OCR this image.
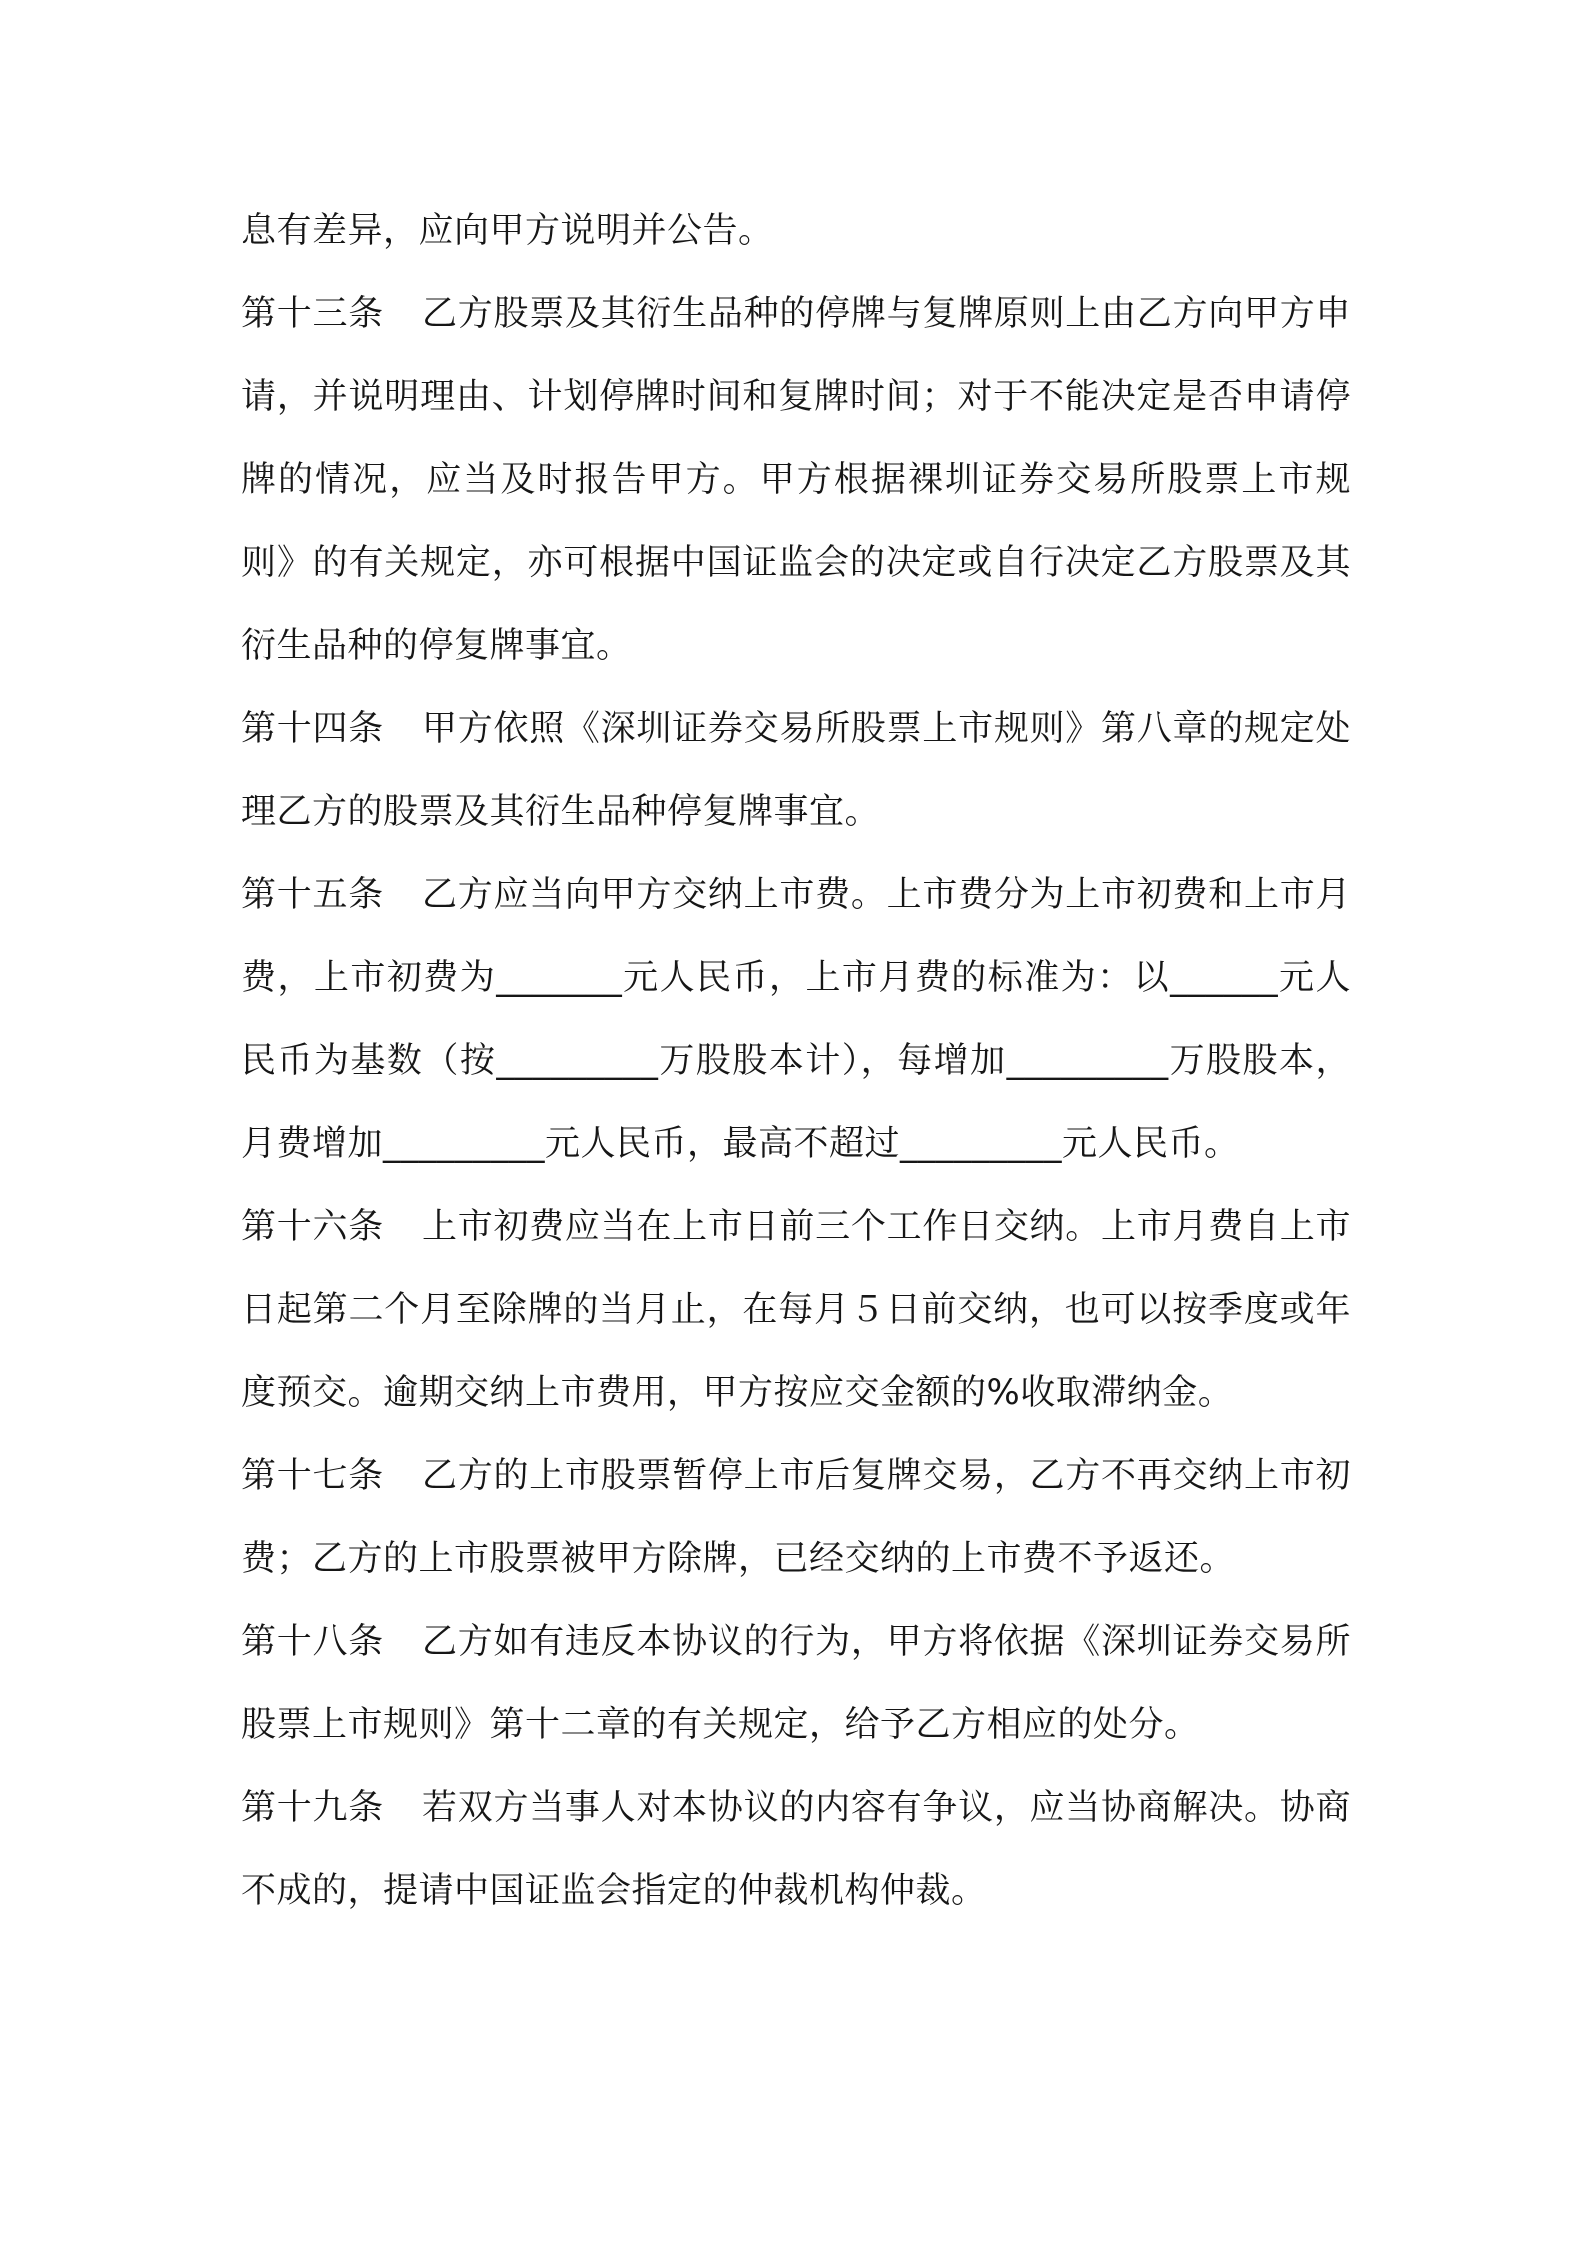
息有差异，应向甲方说明并公告。

第十三条 乙方股票及其衍生品种的停牌与复牌原则上由乙方向甲方申请，并说明理由、计划停牌时间和复牌时间；对于不能决定是否申请停牌的情况，应当及时报告甲方。甲方根据裸圳证券交易所股票上市规则》的有关规定，亦可根据中国证监会的决定或自行决定乙方股票及其衍生品种的停复牌事宜。

第十四条 甲方依照《深圳证券交易所股票上市规则》第八章的规定处理乙方的股票及其衍生品种停复牌事宜。

第十五条 乙方应当向甲方交纳上市费。上市费分为上市初费和上市月费，上市初费为_______元人民币，上市月费的标准为：以______元人民币为基数（按_________万股股本计），每增加_________万股股本，月费增加_________元人民币，最高不超过_________元人民币。

第十六条 上市初费应当在上市日前三个工作日交纳。上市月费自上市日起第二个月至除牌的当月止，在每月５日前交纳，也可以按季度或年度预交。逾期交纳上市费用，甲方按应交金额的%收取滞纳金。

第十七条 乙方的上市股票暂停上市后复牌交易，乙方不再交纳上市初费；乙方的上市股票被甲方除牌，已经交纳的上市费不予返还。

第十八条 乙方如有违反本协议的行为，甲方将依据《深圳证券交易所股票上市规则》第十二章的有关规定，给予乙方相应的处分。

第十九条 若双方当事人对本协议的内容有争议，应当协商解决。协商不成的，提请中国证监会指定的仲裁机构仲裁。
